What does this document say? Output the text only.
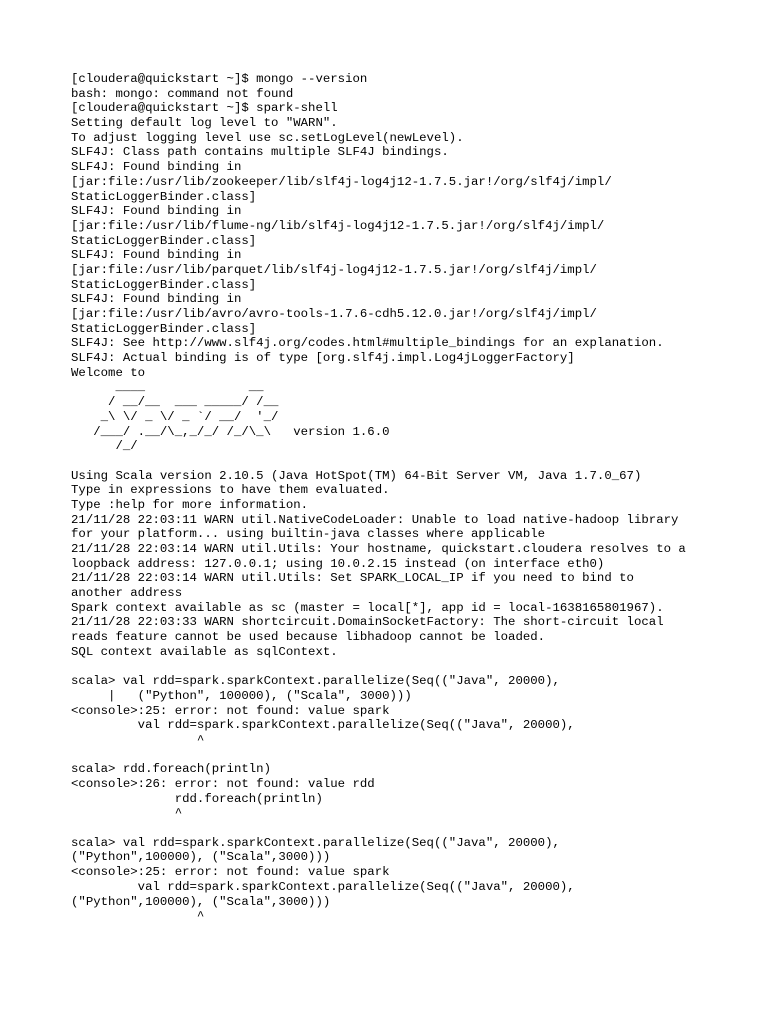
[cloudera@quickstart ~]$ mongo --version
bash: mongo: command not found
[cloudera@quickstart ~]$ spark-shell
Setting default log level to "WARN".
To adjust logging level use sc.setLogLevel(newLevel).
SLF4J: Class path contains multiple SLF4J bindings.
SLF4J: Found binding in
[jar:file:/usr/lib/zookeeper/lib/slf4j-log4j12-1.7.5.jar!/org/slf4j/impl/
StaticLoggerBinder.class]
SLF4J: Found binding in
[jar:file:/usr/lib/flume-ng/lib/slf4j-log4j12-1.7.5.jar!/org/slf4j/impl/
StaticLoggerBinder.class]
SLF4J: Found binding in
[jar:file:/usr/lib/parquet/lib/slf4j-log4j12-1.7.5.jar!/org/slf4j/impl/
StaticLoggerBinder.class]
SLF4J: Found binding in
[jar:file:/usr/lib/avro/avro-tools-1.7.6-cdh5.12.0.jar!/org/slf4j/impl/
StaticLoggerBinder.class]
SLF4J: See http://www.slf4j.org/codes.html#multiple_bindings for an explanation.
SLF4J: Actual binding is of type [org.slf4j.impl.Log4jLoggerFactory]
Welcome to
____              __
/ __/__  ___ _____/ /__
_\ \/ _ \/ _ `/ __/  '_/
/___/ .__/\_,_/_/ /_/\_\   version 1.6.0
/_/
Using Scala version 2.10.5 (Java HotSpot(TM) 64-Bit Server VM, Java 1.7.0_67)
Type in expressions to have them evaluated.
Type :help for more information.
21/11/28 22:03:11 WARN util.NativeCodeLoader: Unable to load native-hadoop library
for your platform... using builtin-java classes where applicable
21/11/28 22:03:14 WARN util.Utils: Your hostname, quickstart.cloudera resolves to a
loopback address: 127.0.0.1; using 10.0.2.15 instead (on interface eth0)
21/11/28 22:03:14 WARN util.Utils: Set SPARK_LOCAL_IP if you need to bind to
another address
Spark context available as sc (master = local[*], app id = local-1638165801967).
21/11/28 22:03:33 WARN shortcircuit.DomainSocketFactory: The short-circuit local
reads feature cannot be used because libhadoop cannot be loaded.
SQL context available as sqlContext.
scala> val rdd=spark.sparkContext.parallelize(Seq(("Java", 20000),
|   ("Python", 100000), ("Scala", 3000)))
<console>:25: error: not found: value spark
val rdd=spark.sparkContext.parallelize(Seq(("Java", 20000),
^
scala> rdd.foreach(println)
<console>:26: error: not found: value rdd
rdd.foreach(println)
^
scala> val rdd=spark.sparkContext.parallelize(Seq(("Java", 20000),
("Python",100000), ("Scala",3000)))
<console>:25: error: not found: value spark
val rdd=spark.sparkContext.parallelize(Seq(("Java", 20000),
("Python",100000), ("Scala",3000)))
^
